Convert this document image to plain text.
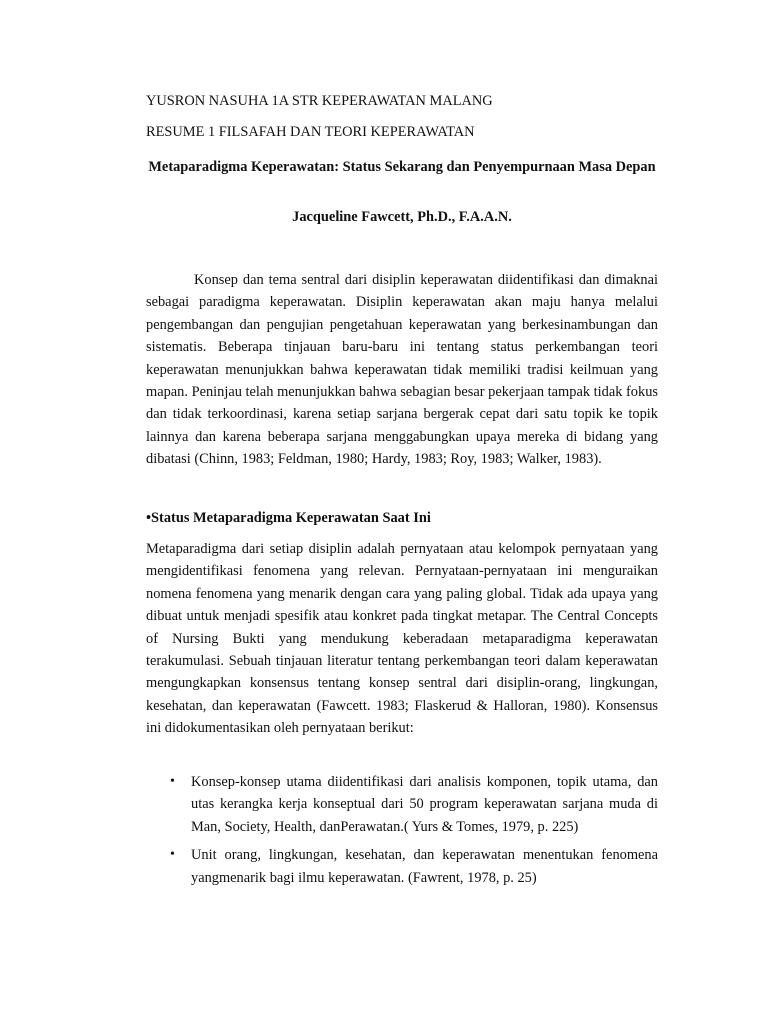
YUSRON NASUHA 1A STR KEPERAWATAN MALANG

RESUME 1 FILSAFAH DAN TEORI KEPERAWATAN

Metaparadigma Keperawatan: Status Sekarang dan Penyempurnaan Masa Depan

Jacqueline Fawcett, Ph.D., F.A.A.N.

Konsep dan tema sentral dari disiplin keperawatan diidentifikasi dan dimaknai sebagai paradigma keperawatan. Disiplin keperawatan akan maju hanya melalui pengembangan dan pengujian pengetahuan keperawatan yang berkesinambungan dan sistematis. Beberapa tinjauan baru-baru ini tentang status perkembangan teori keperawatan menunjukkan bahwa keperawatan tidak memiliki tradisi keilmuan yang mapan. Peninjau telah menunjukkan bahwa sebagian besar pekerjaan tampak tidak fokus dan tidak terkoordinasi, karena setiap sarjana bergerak cepat dari satu topik ke topik lainnya dan karena beberapa sarjana menggabungkan upaya mereka di bidang yang dibatasi (Chinn, 1983; Feldman, 1980; Hardy, 1983; Roy, 1983; Walker, 1983).

•Status Metaparadigma Keperawatan Saat Ini

Metaparadigma dari setiap disiplin adalah pernyataan atau kelompok pernyataan yang mengidentifikasi fenomena yang relevan. Pernyataan-pernyataan ini menguraikan nomena fenomena yang menarik dengan cara yang paling global. Tidak ada upaya yang dibuat untuk menjadi spesifik atau konkret pada tingkat metapar. The Central Concepts of Nursing Bukti yang mendukung keberadaan metaparadigma keperawatan terakumulasi. Sebuah tinjauan literatur tentang perkembangan teori dalam keperawatan mengungkapkan konsensus tentang konsep sentral dari disiplin-orang, lingkungan, kesehatan, dan keperawatan (Fawcett. 1983; Flaskerud & Halloran, 1980). Konsensus ini didokumentasikan oleh pernyataan berikut:

• Konsep-konsep utama diidentifikasi dari analisis komponen, topik utama, dan utas kerangka kerja konseptual dari 50 program keperawatan sarjana muda di Man, Society, Health, danPerawatan.( Yurs & Tomes, 1979, p. 225)
• Unit orang, lingkungan, kesehatan, dan keperawatan menentukan fenomena yangmenarik bagi ilmu keperawatan. (Fawrent, 1978, p. 25)
